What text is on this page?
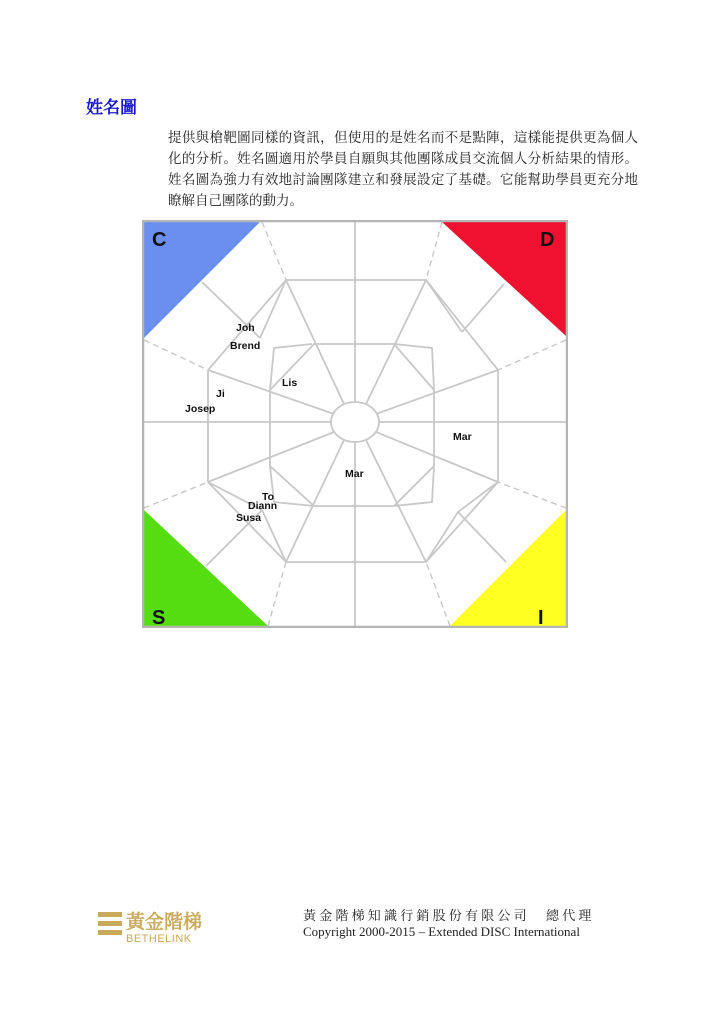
姓名圖

提供與槍靶圖同樣的資訊，但使用的是姓名而不是點陣，這樣能提供更為個人化的分析。姓名圖適用於學員自願與其他團隊成員交流個人分析結果的情形。姓名圖為強力有效地討論團隊建立和發展設定了基礎。它能幫助學員更充分地瞭解自己團隊的動力。

C	D
S	I
Joh
Brend
Lis
Ji
Josep
Mar
Mar
To
Diann
Susa
黃金階梯
BETHELINK
黃金階梯知識行銷股份有限公司　總代理
Copyright 2000-2015 – Extended DISC International
